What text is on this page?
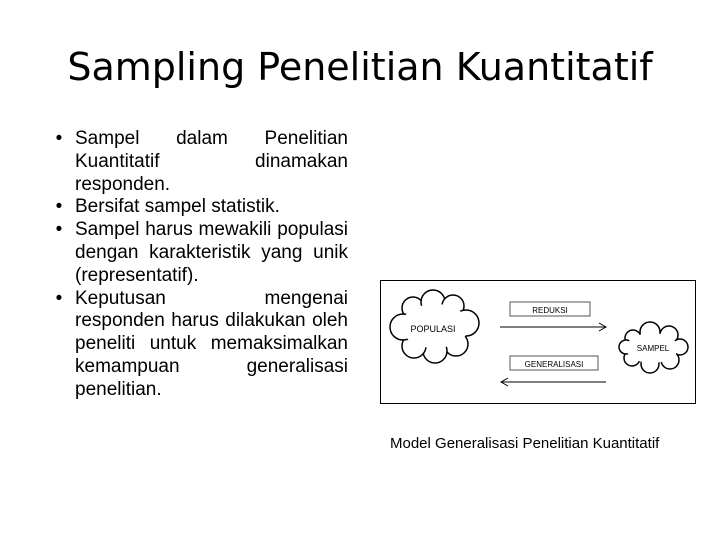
Sampling Penelitian Kuantitatif
• Sampel dalam Penelitian Kuantitatif dinamakan responden.
• Bersifat sampel statistik.
• Sampel harus mewakili populasi dengan karakteristik yang unik (representatif).
• Keputusan mengenai responden harus dilakukan oleh peneliti untuk memaksimalkan kemampuan generalisasi penelitian.
POPULASI
SAMPEL
REDUKSI
GENERALISASI
Model Generalisasi Penelitian Kuantitatif
